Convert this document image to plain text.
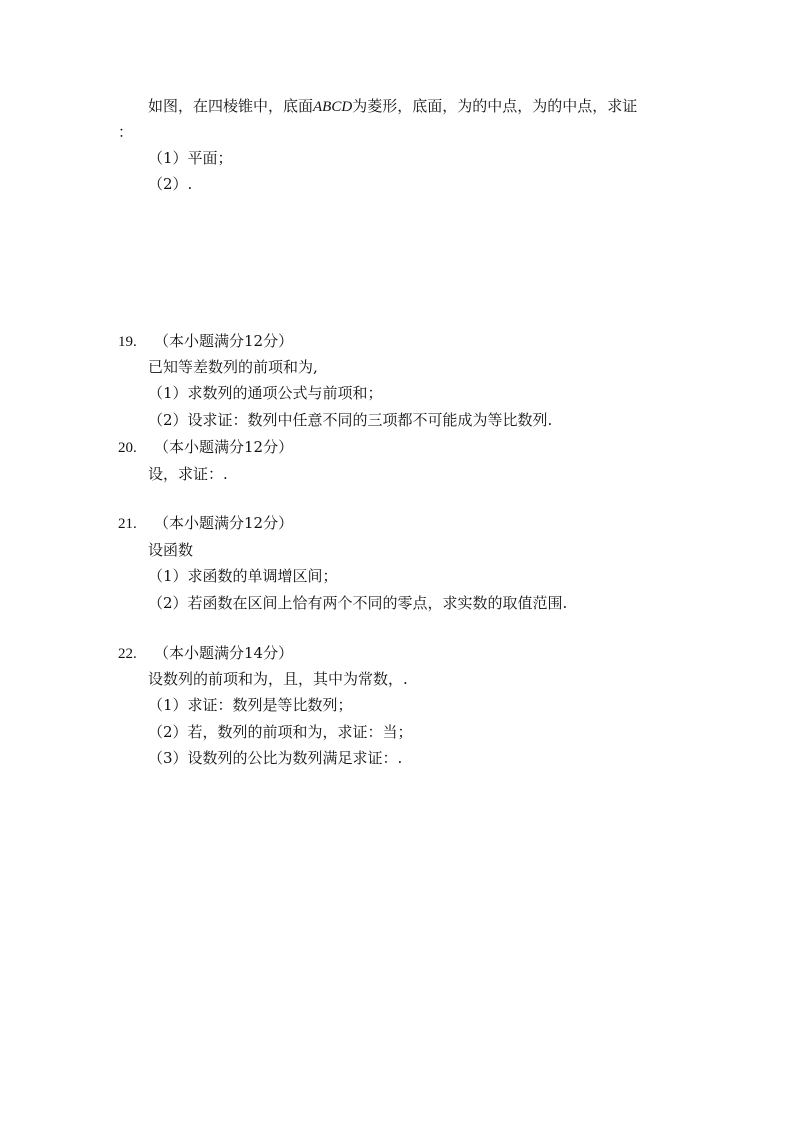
如图，在四棱锥中，底面ABCD为菱形，底面，为的中点，为的中点，求证
：
（1）平面；
（2）.
19. （本小题满分12分）
已知等差数列的前项和为,
（1）求数列的通项公式与前项和；
（2）设求证：数列中任意不同的三项都不可能成为等比数列.
20. （本小题满分12分）
设，求证：.
21. （本小题满分12分）
设函数
（1）求函数的单调增区间；
（2）若函数在区间上恰有两个不同的零点，求实数的取值范围.
22. （本小题满分14分）
设数列的前项和为，且，其中为常数，.
（1）求证：数列是等比数列；
（2）若，数列的前项和为，求证：当；
（3）设数列的公比为数列满足求证：.
